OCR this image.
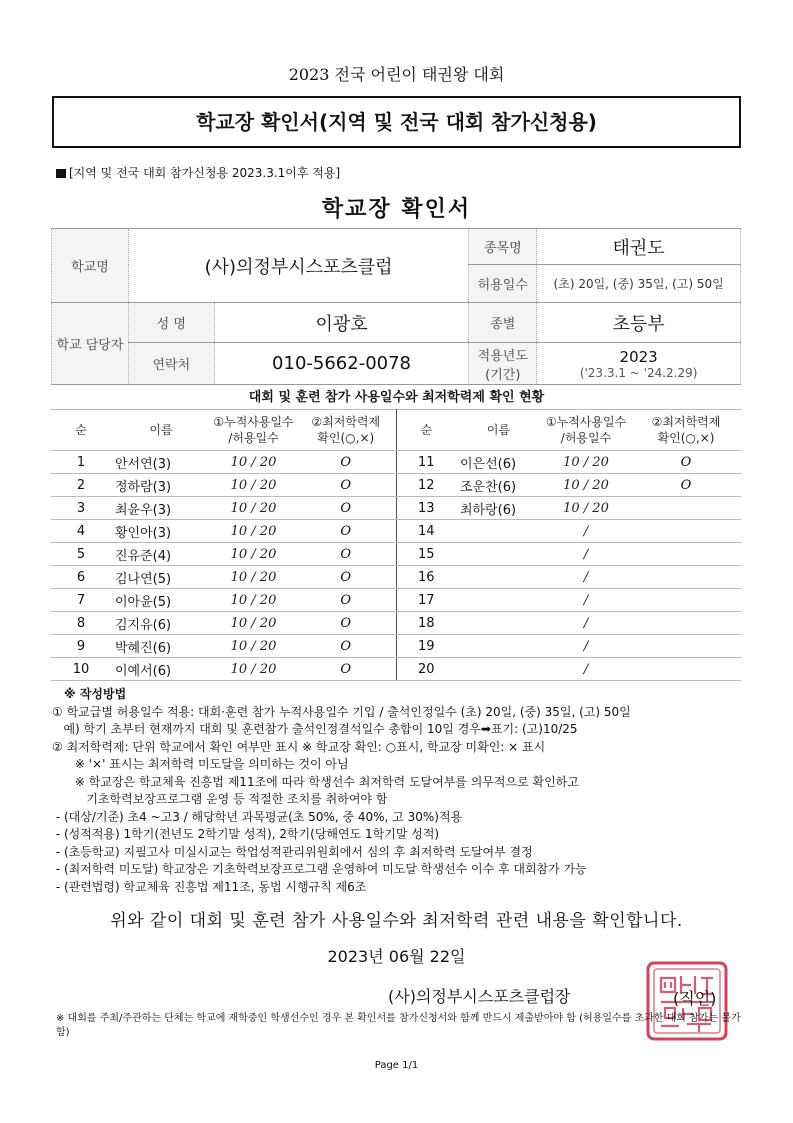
2023 전국 어린이 태권왕 대회
학교장 확인서(지역 및 전국 대회 참가신청용)
[지역 및 전국 대회 참가신청용 2023.3.1이후 적용]
학교장 확인서
학교명	(사)의정부시스포츠클럽		종목명	태권도
			허용일수	(초) 20일, (중) 35일, (고) 50일
학교 담당자	성 명	이광호	종별	초등부
	연락처	010-5662-0078	적용년도 (기간)	2023
('23.3.1 ~ '24.2.29)
대회 및 훈련 참가 사용일수와 최저학력제 확인 현황
순	이름	①누적사용일수
/허용일수	②최저학력제
확인(○,×)	순	이름	①누적사용일수
/허용일수	②최저학력제
확인(○,×)
1	안서연(3)	10 / 20	O	11	이은선(6)	10 / 20	O
2	정하람(3)	10 / 20	O	12	조운찬(6)	10 / 20	O
3	최윤우(3)	10 / 20	O	13	최하랑(6)	10 / 20	
4	황인아(3)	10 / 20	O	14		/	
5	진유준(4)	10 / 20	O	15		/	
6	김나연(5)	10 / 20	O	16		/	
7	이아윤(5)	10 / 20	O	17		/	
8	김지유(6)	10 / 20	O	18		/	
9	박혜진(6)	10 / 20	O	19		/	
10	이예서(6)	10 / 20	O	20		/	
※ 작성방법
① 학교급별 허용일수 적용: 대회·훈련 참가 누적사용일수 기입 / 출석인정일수 (초) 20일, (중) 35일, (고) 50일
예) 학기 초부터 현재까지 대회 및 훈련참가 출석인정결석일수 총합이 10일 경우➡표기: (고)10/25
② 최저학력제: 단위 학교에서 확인 여부만 표시 ※ 학교장 확인: ○표시, 학교장 미확인: × 표시
※ '×' 표시는 최저학력 미도달을 의미하는 것이 아님
※ 학교장은 학교체육 진흥법 제11조에 따라 학생선수 최저학력 도달여부를 의무적으로 확인하고
기초학력보장프로그램 운영 등 적절한 조치를 취하여야 함
- (대상/기준) 초4 ~고3 / 해당학년 과목평균(초 50%, 중 40%, 고 30%)적용
- (성적적용) 1학기(전년도 2학기말 성적), 2학기(당해연도 1학기말 성적)
- (초등학교) 지필고사 미실시교는 학업성적관리위원회에서 심의 후 최저학력 도달여부 결정
- (최저학력 미도달) 학교장은 기초학력보장프로그램 운영하여 미도달 학생선수 이수 후 대회참가 가능
- (관련법령) 학교체육 진흥법 제11조, 동법 시행규칙 제6조
위와 같이 대회 및 훈련 참가 사용일수와 최저학력 관련 내용을 확인합니다.
2023년 06월 22일
(사)의정부시스포츠클럽장	(직인)
※ 대회를 주최/주관하는 단체는 학교에 재학중인 학생선수인 경우 본 확인서를 참가신청서와 함께 반드시 제출받아야 함 (허용일수를 초과한 대회 참가는 불가함)
Page 1/1
